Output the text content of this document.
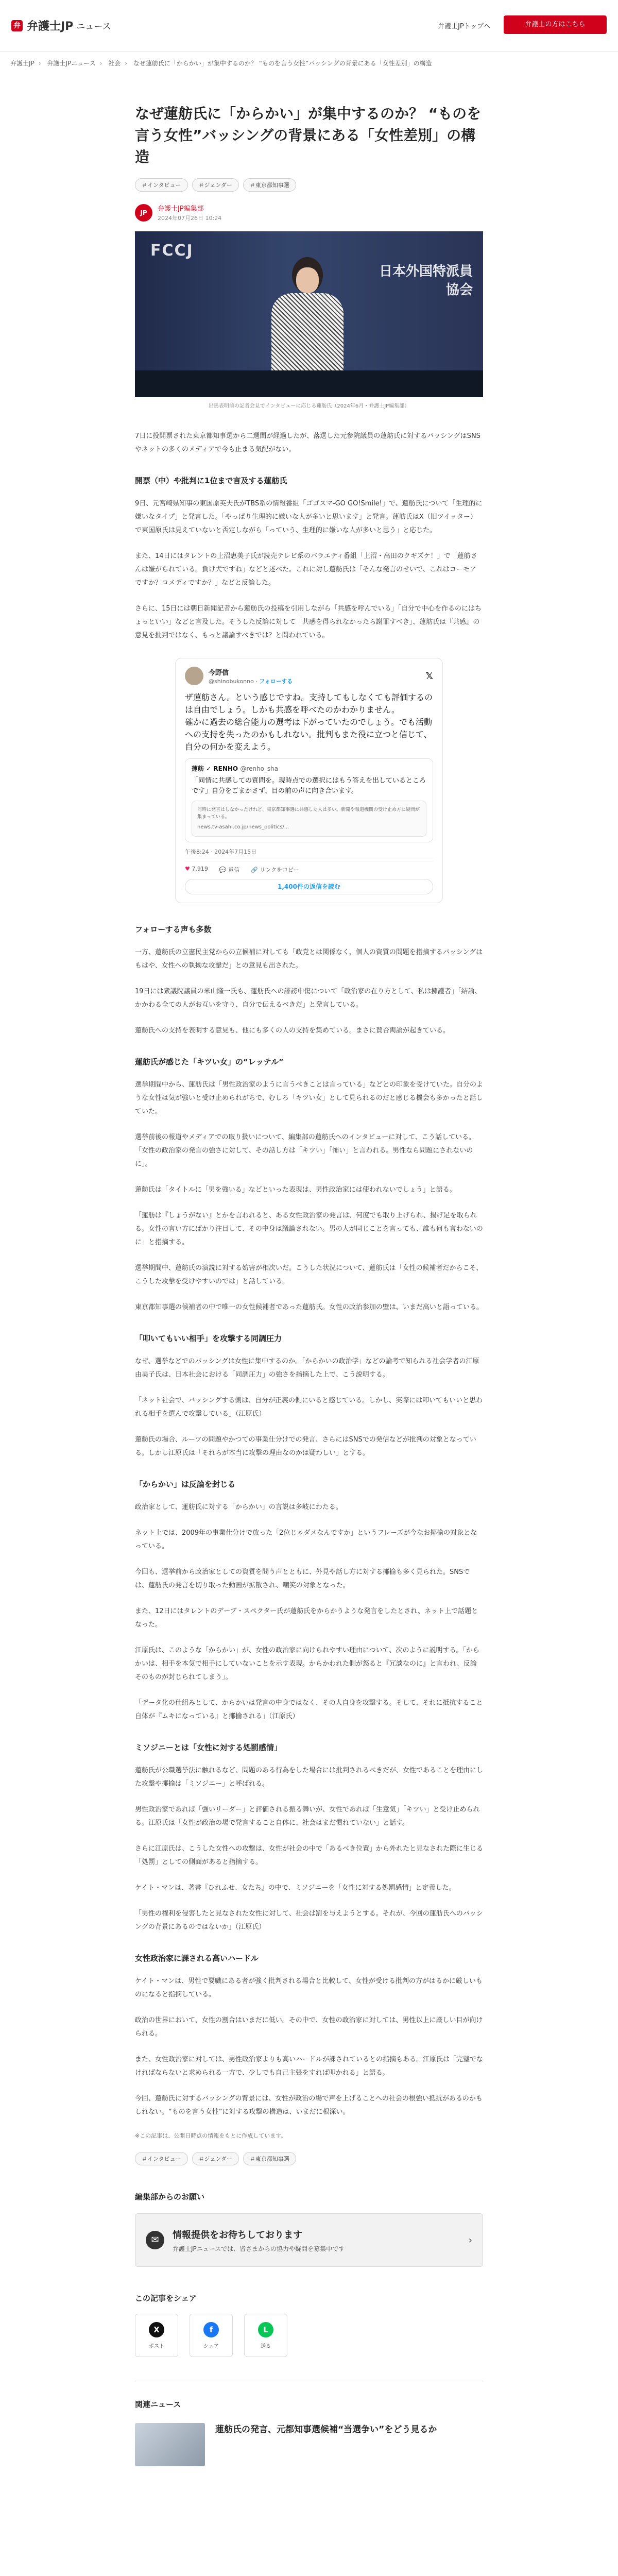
弁 弁護士JP ニュース	弁護士JPトップへ	弁護士の方はこちら
弁護士JP › 弁護士JPニュース › 社会 › なぜ蓮舫氏に「からかい」が集中するのか？ “ものを言う女性”バッシングの背景にある「女性差別」の構造
なぜ蓮舫氏に「からかい」が集中するのか？ “ものを言う女性”バッシングの背景にある「女性差別」の構造
＃インタビュー	＃ジェンダー	＃東京都知事選
JP	弁護士JP編集部
2024年07月26日 10:24
FCCJ
日本外国特派員協会
出馬表明前の記者会見でインタビューに応じる蓮舫氏（2024年6月・弁護士JP編集部）

7日に投開票された東京都知事選から二週間が経過したが、落選した元参院議員の蓮舫氏に対するバッシングはSNSやネットの多くのメディアで今も止まる気配がない。

開票（中）や批判に1位まで言及する蓮舫氏

9日、元宮崎県知事の東国原英夫氏がTBS系の情報番組「ゴゴスマ-GO GO!Smile!」で、蓮舫氏について「生理的に嫌いなタイプ」と発言した。「やっぱり生理的に嫌いな人が多いと思います」と発言。蓮舫氏はX（旧ツイッター）で東国原氏は見えていないと否定しながら「っていう、生理的に嫌いな人が多いと思う」と応じた。

また、14日にはタレントの上沼恵美子氏が読売テレビ系のバラエティ番組「上沼・高田のクギズケ！」で「蓮舫さんは嫌がられている。負け犬ですね」などと述べた。これに対し蓮舫氏は「そんな発言のせいで、これはコーモアですか？コメディですか？」などと反論した。

さらに、15日には朝日新聞記者から蓮舫氏の投稿を引用しながら「共感を呼んでいる」「自分で中心を作るのにはちょっといい」などと言及した。そうした反論に対して「共感を得られなかったら謝罪すべき」、蓮舫氏は『共感』の意見を批判ではなく、もっと議論すべきでは？と問われている。

今野信
@shinobukonno · フォローする	𝕏
ザ蓮舫さん。という感じですね。支持してもしなくても評価するのは自由でしょう。しかも共感を呼べたのかわかりません。
確かに過去の総合能力の選考は下がっていたのでしょう。でも活動への支持を失ったのかもしれない。批判もまた役に立つと信じて、自分の何かを変えよう。
蓮舫 ✓ RENHO @renho_sha
「同情に共感しての質問を。現時点での選択にはもう答えを出しているところです」自分をごまかさず、目の前の声に向き合います。
同時に発言はしなかったけれど、東京都知事選に共感した人は多い。新聞や報道機関の受け止め方に疑問が集まっている。
news.tv-asahi.co.jp/news_politics/...
午後8:24 · 2024年7月15日
♥ 7,919 💬 返信 🔗 リンクをコピー
1,400件の返信を読む
フォローする声も多数

一方、蓮舫氏の立憲民主党からの立候補に対しても「政党とは関係なく、個人の資質の問題を指摘するパッシングはもはや、女性への執拗な攻撃だ」との意見も出された。

19日には衆議院議員の米山隆一氏も、蓮舫氏への誹謗中傷について「政治家の在り方として、私は擁護者」「結論、かかわる全ての人がお互いを守り、自分で伝えるべきだ」と発言している。

蓮舫氏への支持を表明する意見も、他にも多くの人の支持を集めている。まさに賛否両論が起きている。

蓮舫氏が感じた「キツい女」の“レッテル”

選挙期間中から、蓮舫氏は「男性政治家のように言うべきことは言っている」などとの印象を受けていた。自分のような女性は気が強いと受け止められがちで、むしろ「キツい女」として見られるのだと感じる機会も多かったと話していた。

選挙前後の報道やメディアでの取り扱いについて、編集部の蓮舫氏へのインタビューに対して、こう話している。「女性の政治家の発言の強さに対して、その話し方は「キツい」「怖い」と言われる。男性なら問題にされないのに」。

蓮舫氏は「タイトルに「男を強いる」などといった表現は、男性政治家には使われないでしょう」と語る。

「蓮舫は『しょうがない』とかを言われると、ある女性政治家の発言は、何度でも取り上げられ、揚げ足を取られる。女性の言い方にばかり注目して、その中身は議論されない。男の人が同じことを言っても、誰も何も言わないのに」と指摘する。

選挙期間中、蓮舫氏の演説に対する妨害が相次いだ。こうした状況について、蓮舫氏は「女性の候補者だからこそ、こうした攻撃を受けやすいのでは」と話している。

東京都知事選の候補者の中で唯一の女性候補者であった蓮舫氏。女性の政治参加の壁は、いまだ高いと語っている。

「叩いてもいい相手」を攻撃する同調圧力

なぜ、選挙などでのバッシングは女性に集中するのか。「からかいの政治学」などの論考で知られる社会学者の江原由美子氏は、日本社会における「同調圧力」の強さを指摘した上で、こう説明する。

「ネット社会で、バッシングする側は、自分が正義の側にいると感じている。しかし、実際には叩いてもいいと思われる相手を選んで攻撃している」（江原氏）

蓮舫氏の場合、ルーツの問題やかつての事業仕分けでの発言、さらにはSNSでの発信などが批判の対象となっている。しかし江原氏は「それらが本当に攻撃の理由なのかは疑わしい」とする。

「からかい」は反論を封じる

政治家として、蓮舫氏に対する「からかい」の言説は多岐にわたる。

ネット上では、2009年の事業仕分けで放った「2位じゃダメなんですか」というフレーズが今なお揶揄の対象となっている。

今回も、選挙前から政治家としての資質を問う声とともに、外見や話し方に対する揶揄も多く見られた。SNSでは、蓮舫氏の発言を切り取った動画が拡散され、嘲笑の対象となった。

また、12日にはタレントのデーブ・スペクター氏が蓮舫氏をからかうような発言をしたとされ、ネット上で話題となった。

江原氏は、このような「からかい」が、女性の政治家に向けられやすい理由について、次のように説明する。「からかいは、相手を本気で相手にしていないことを示す表現。からかわれた側が怒ると『冗談なのに』と言われ、反論そのものが封じられてしまう」。

「データ化の仕組みとして、からかいは発言の中身ではなく、その人自身を攻撃する。そして、それに抵抗すること自体が『ムキになっている』と揶揄される」（江原氏）

ミソジニーとは「女性に対する処罰感情」

蓮舫氏が公職選挙法に触れるなど、問題のある行為をした場合には批判されるべきだが、女性であることを理由にした攻撃や揶揄は「ミソジニー」と呼ばれる。

男性政治家であれば「強いリーダー」と評価される振る舞いが、女性であれば「生意気」「キツい」と受け止められる。江原氏は「女性が政治の場で発言すること自体に、社会はまだ慣れていない」と話す。

さらに江原氏は、こうした女性への攻撃は、女性が社会の中で「あるべき位置」から外れたと見なされた際に生じる「処罰」としての側面があると指摘する。

ケイト・マンは、著書『ひれふせ、女たち』の中で、ミソジニーを「女性に対する処罰感情」と定義した。

「男性の権利を侵害したと見なされた女性に対して、社会は罰を与えようとする。それが、今回の蓮舫氏へのバッシングの背景にあるのではないか」（江原氏）

女性政治家に課される高いハードル

ケイト・マンは、男性で要職にある者が強く批判される場合と比較して、女性が受ける批判の方がはるかに厳しいものになると指摘している。

政治の世界において、女性の割合はいまだに低い。その中で、女性の政治家に対しては、男性以上に厳しい目が向けられる。

また、女性政治家に対しては、男性政治家よりも高いハードルが課されているとの指摘もある。江原氏は「完璧でなければならないと求められる一方で、少しでも自己主張をすれば叩かれる」と語る。

今回、蓮舫氏に対するバッシングの背景には、女性が政治の場で声を上げることへの社会の根強い抵抗があるのかもしれない。“ものを言う女性”に対する攻撃の構造は、いまだに根深い。

※この記事は、公開日時点の情報をもとに作成しています。
＃インタビュー	＃ジェンダー	＃東京都知事選
編集部からのお願い
✉	情報提供をお待ちしております
弁護士JPニュースでは、皆さまからの協力や疑問を募集中です
›
この記事をシェア
X
ポスト
f
シェア
L
送る
関連ニュース
蓮舫氏の発言、元都知事選候補“当選争い”をどう見るか
